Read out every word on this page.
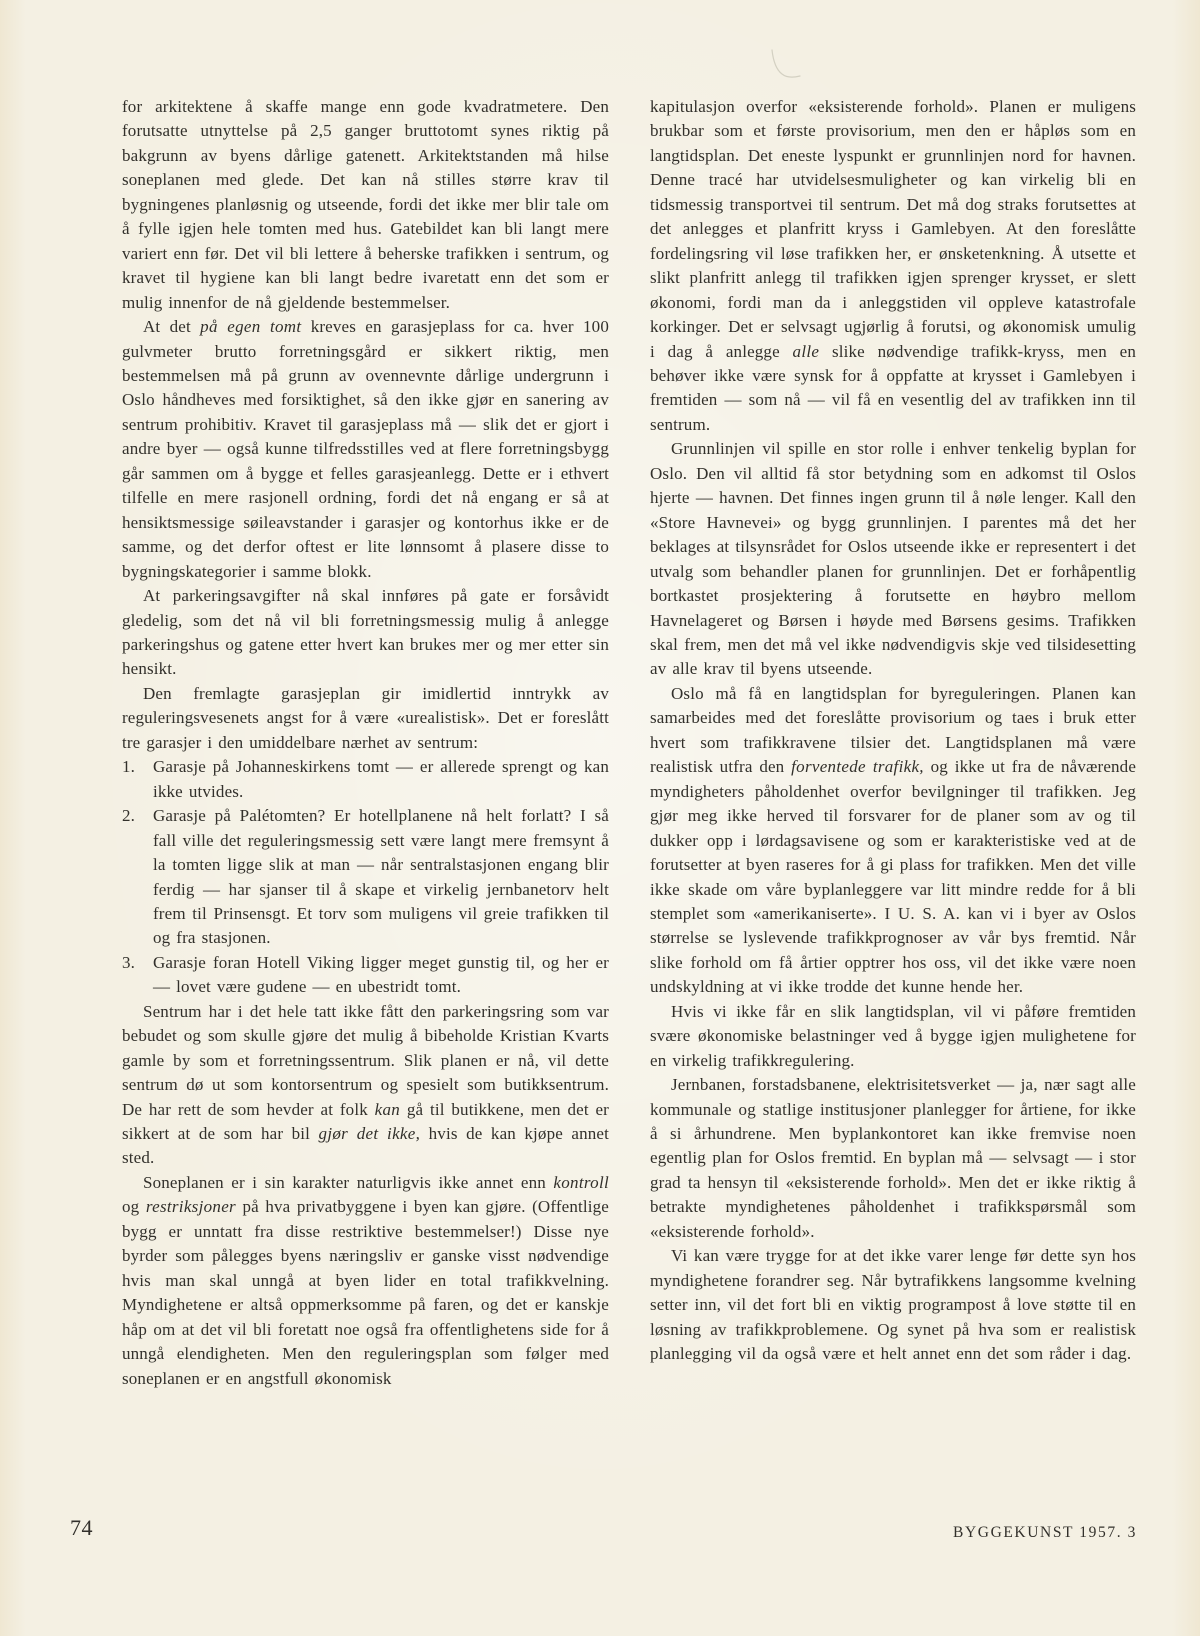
for arkitektene å skaffe mange enn gode kvadratmetere. Den forutsatte utnyttelse på 2,5 ganger bruttotomt synes riktig på bakgrunn av byens dårlige gatenett. Arkitektstanden må hilse soneplanen med glede. Det kan nå stilles større krav til bygningenes planløsnig og utseende, fordi det ikke mer blir tale om å fylle igjen hele tomten med hus. Gatebildet kan bli langt mere variert enn før. Det vil bli lettere å beherske trafikken i sentrum, og kravet til hygiene kan bli langt bedre ivaretatt enn det som er mulig innenfor de nå gjeldende bestemmelser.

At det på egen tomt kreves en garasjeplass for ca. hver 100 gulvmeter brutto forretningsgård er sikkert riktig, men bestemmelsen må på grunn av ovennevnte dårlige undergrunn i Oslo håndheves med forsiktighet, så den ikke gjør en sanering av sentrum prohibitiv. Kravet til garasjeplass må — slik det er gjort i andre byer — også kunne tilfredsstilles ved at flere forretningsbygg går sammen om å bygge et felles garasjeanlegg. Dette er i ethvert tilfelle en mere rasjonell ordning, fordi det nå engang er så at hensiktsmessige søileavstander i garasjer og kontorhus ikke er de samme, og det derfor oftest er lite lønnsomt å plasere disse to bygningskategorier i samme blokk.

At parkeringsavgifter nå skal innføres på gate er forsåvidt gledelig, som det nå vil bli forretningsmessig mulig å anlegge parkeringshus og gatene etter hvert kan brukes mer og mer etter sin hensikt.

Den fremlagte garasjeplan gir imidlertid inntrykk av reguleringsvesenets angst for å være «urealistisk». Det er foreslått tre garasjer i den umiddelbare nærhet av sentrum:

1.	Garasje på Johanneskirkens tomt — er allerede sprengt og kan ikke utvides.
2.	Garasje på Palétomten? Er hotellplanene nå helt forlatt? I så fall ville det reguleringsmessig sett være langt mere fremsynt å la tomten ligge slik at man — når sentralstasjonen engang blir ferdig — har sjanser til å skape et virkelig jernbanetorv helt frem til Prinsensgt. Et torv som muligens vil greie trafikken til og fra stasjonen.
3.	Garasje foran Hotell Viking ligger meget gunstig til, og her er — lovet være gudene — en ubestridt tomt.

Sentrum har i det hele tatt ikke fått den parkeringsring som var bebudet og som skulle gjøre det mulig å bibeholde Kristian Kvarts gamle by som et forretningssentrum. Slik planen er nå, vil dette sentrum dø ut som kontorsentrum og spesielt som butikksentrum. De har rett de som hevder at folk kan gå til butikkene, men det er sikkert at de som har bil gjør det ikke, hvis de kan kjøpe annet sted.

Soneplanen er i sin karakter naturligvis ikke annet enn kontroll og restriksjoner på hva privatbyggene i byen kan gjøre. (Offentlige bygg er unntatt fra disse restriktive bestemmelser!) Disse nye byrder som pålegges byens næringsliv er ganske visst nødvendige hvis man skal unngå at byen lider en total trafikkvelning. Myndighetene er altså oppmerksomme på faren, og det er kanskje håp om at det vil bli foretatt noe også fra offentlighetens side for å unngå elendigheten. Men den reguleringsplan som følger med soneplanen er en angstfull økonomisk

kapitulasjon overfor «eksisterende forhold». Planen er muligens brukbar som et første provisorium, men den er håpløs som en langtidsplan. Det eneste lyspunkt er grunnlinjen nord for havnen. Denne tracé har utvidelsesmuligheter og kan virkelig bli en tidsmessig transportvei til sentrum. Det må dog straks forutsettes at det anlegges et planfritt kryss i Gamlebyen. At den foreslåtte fordelingsring vil løse trafikken her, er ønsketenkning. Å utsette et slikt planfritt anlegg til trafikken igjen sprenger krysset, er slett økonomi, fordi man da i anleggstiden vil oppleve katastrofale korkinger. Det er selvsagt ugjørlig å forutsi, og økonomisk umulig i dag å anlegge alle slike nødvendige trafikk-kryss, men en behøver ikke være synsk for å oppfatte at krysset i Gamlebyen i fremtiden — som nå — vil få en vesentlig del av trafikken inn til sentrum.

Grunnlinjen vil spille en stor rolle i enhver tenkelig byplan for Oslo. Den vil alltid få stor betydning som en adkomst til Oslos hjerte — havnen. Det finnes ingen grunn til å nøle lenger. Kall den «Store Havnevei» og bygg grunnlinjen. I parentes må det her beklages at tilsynsrådet for Oslos utseende ikke er representert i det utvalg som behandler planen for grunnlinjen. Det er forhåpentlig bortkastet prosjektering å forutsette en høybro mellom Havnelageret og Børsen i høyde med Børsens gesims. Trafikken skal frem, men det må vel ikke nødvendigvis skje ved tilsidesetting av alle krav til byens utseende.

Oslo må få en langtidsplan for byreguleringen. Planen kan samarbeides med det foreslåtte provisorium og taes i bruk etter hvert som trafikkravene tilsier det. Langtidsplanen må være realistisk utfra den forventede trafikk, og ikke ut fra de nåværende myndigheters påholdenhet overfor bevilgninger til trafikken. Jeg gjør meg ikke herved til forsvarer for de planer som av og til dukker opp i lørdagsavisene og som er karakteristiske ved at de forutsetter at byen raseres for å gi plass for trafikken. Men det ville ikke skade om våre byplanleggere var litt mindre redde for å bli stemplet som «amerikaniserte». I U. S. A. kan vi i byer av Oslos størrelse se lyslevende trafikkprognoser av vår bys fremtid. Når slike forhold om få årtier opptrer hos oss, vil det ikke være noen undskyldning at vi ikke trodde det kunne hende her.

Hvis vi ikke får en slik langtidsplan, vil vi påføre fremtiden svære økonomiske belastninger ved å bygge igjen mulighetene for en virkelig trafikkregulering.

Jernbanen, forstadsbanene, elektrisitetsverket — ja, nær sagt alle kommunale og statlige institusjoner planlegger for årtiene, for ikke å si århundrene. Men byplankontoret kan ikke fremvise noen egentlig plan for Oslos fremtid. En byplan må — selvsagt — i stor grad ta hensyn til «eksisterende forhold». Men det er ikke riktig å betrakte myndighetenes påholdenhet i trafikkspørsmål som «eksisterende forhold».

Vi kan være trygge for at det ikke varer lenge før dette syn hos myndighetene forandrer seg. Når bytrafikkens langsomme kvelning setter inn, vil det fort bli en viktig programpost å love støtte til en løsning av trafikkproblemene. Og synet på hva som er realistisk planlegging vil da også være et helt annet enn det som råder i dag.

74	BYGGEKUNST 1957. 3
